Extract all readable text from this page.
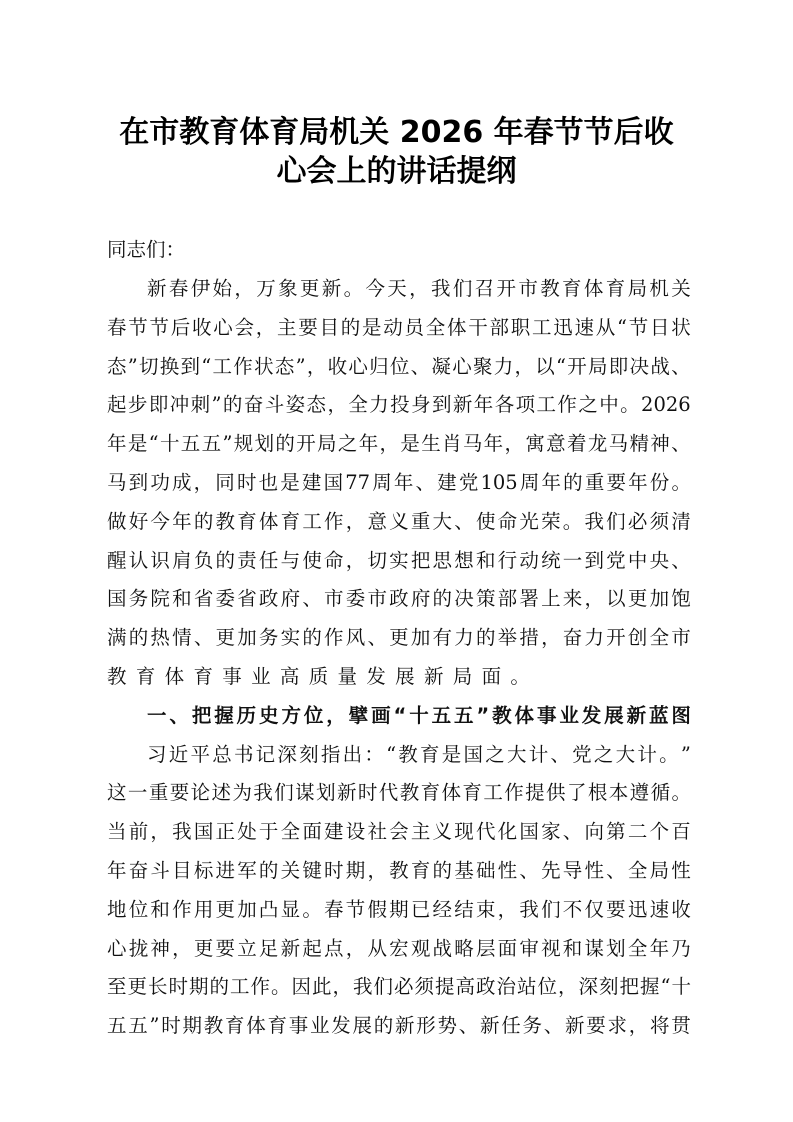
在市教育体育局机关 2026 年春节节后收
心会上的讲话提纲
同志们：
新 春 伊 始 ， 万 象 更 新 。 今 天 ， 我 们 召 开 市 教 育 体 育 局 机 关
春 节 节 后 收 心 会 ， 主 要 目 的 是 动 员 全 体 干 部 职 工 迅 速 从 “ 节 日 状
态 ” 切 换 到 “ 工 作 状 态 ” ， 收 心 归 位 、 凝 心 聚 力 ， 以 “ 开 局 即 决 战 、
起 步 即 冲 刺 ” 的 奋 斗 姿 态 ， 全 力 投 身 到 新 年 各 项 工 作 之 中 。 2026
年 是 “ 十 五 五 ” 规 划 的 开 局 之 年 ， 是 生 肖 马 年 ， 寓 意 着 龙 马 精 神 、
马 到 功 成 ， 同 时 也 是 建 国 77 周 年 、 建 党 105 周 年 的 重 要 年 份 。
做 好 今 年 的 教 育 体 育 工 作 ， 意 义 重 大 、 使 命 光 荣 。 我 们 必 须 清
醒 认 识 肩 负 的 责 任 与 使 命 ， 切 实 把 思 想 和 行 动 统 一 到 党 中 央 、
国 务 院 和 省 委 省 政 府 、 市 委 市 政 府 的 决 策 部 署 上 来 ， 以 更 加 饱
满 的 热 情 、 更 加 务 实 的 作 风 、 更 加 有 力 的 举 措 ， 奋 力 开 创 全 市
教 育 体 育 事 业 高 质 量 发 展 新 局 面 。
一 、 把 握 历 史 方 位 ， 擘 画 “ 十 五 五 ” 教 体 事 业 发 展 新 蓝 图
习 近 平 总 书 记 深 刻 指 出 ： “ 教 育 是 国 之 大 计 、 党 之 大 计 。 ”
这 一 重 要 论 述 为 我 们 谋 划 新 时 代 教 育 体 育 工 作 提 供 了 根 本 遵 循 。
当 前 ， 我 国 正 处 于 全 面 建 设 社 会 主 义 现 代 化 国 家 、 向 第 二 个 百
年 奋 斗 目 标 进 军 的 关 键 时 期 ， 教 育 的 基 础 性 、 先 导 性 、 全 局 性
地 位 和 作 用 更 加 凸 显 。 春 节 假 期 已 经 结 束 ， 我 们 不 仅 要 迅 速 收
心 拢 神 ， 更 要 立 足 新 起 点 ， 从 宏 观 战 略 层 面 审 视 和 谋 划 全 年 乃
至 更 长 时 期 的 工 作 。 因 此 ， 我 们 必 须 提 高 政 治 站 位 ， 深 刻 把 握 “ 十
五 五 ” 时 期 教 育 体 育 事 业 发 展 的 新 形 势 、 新 任 务 、 新 要 求 ， 将 贯
